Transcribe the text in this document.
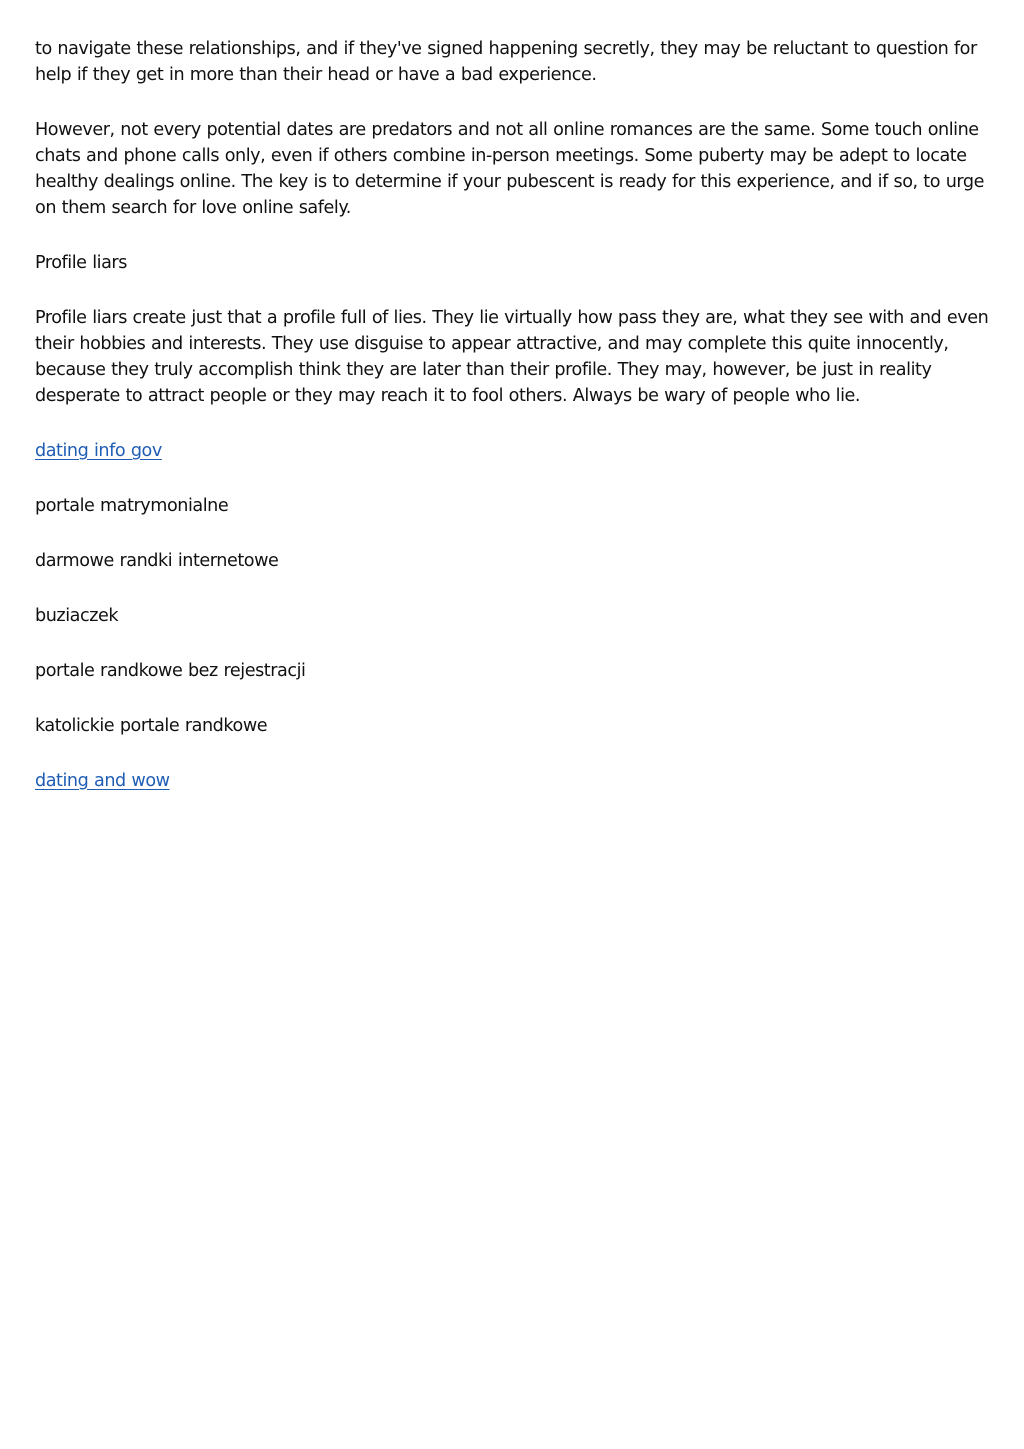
to navigate these relationships, and if they've signed happening secretly, they may be reluctant to question for help if they get in more than their head or have a bad experience.

However, not every potential dates are predators and not all online romances are the same. Some touch online chats and phone calls only, even if others combine in-person meetings. Some puberty may be adept to locate healthy dealings online. The key is to determine if your pubescent is ready for this experience, and if so, to urge on them search for love online safely.

Profile liars

Profile liars create just that a profile full of lies. They lie virtually how pass they are, what they see with and even their hobbies and interests. They use disguise to appear attractive, and may complete this quite innocently, because they truly accomplish think they are later than their profile. They may, however, be just in reality desperate to attract people or they may reach it to fool others. Always be wary of people who lie.

dating info gov

portale matrymonialne

darmowe randki internetowe

buziaczek

portale randkowe bez rejestracji

katolickie portale randkowe

dating and wow
